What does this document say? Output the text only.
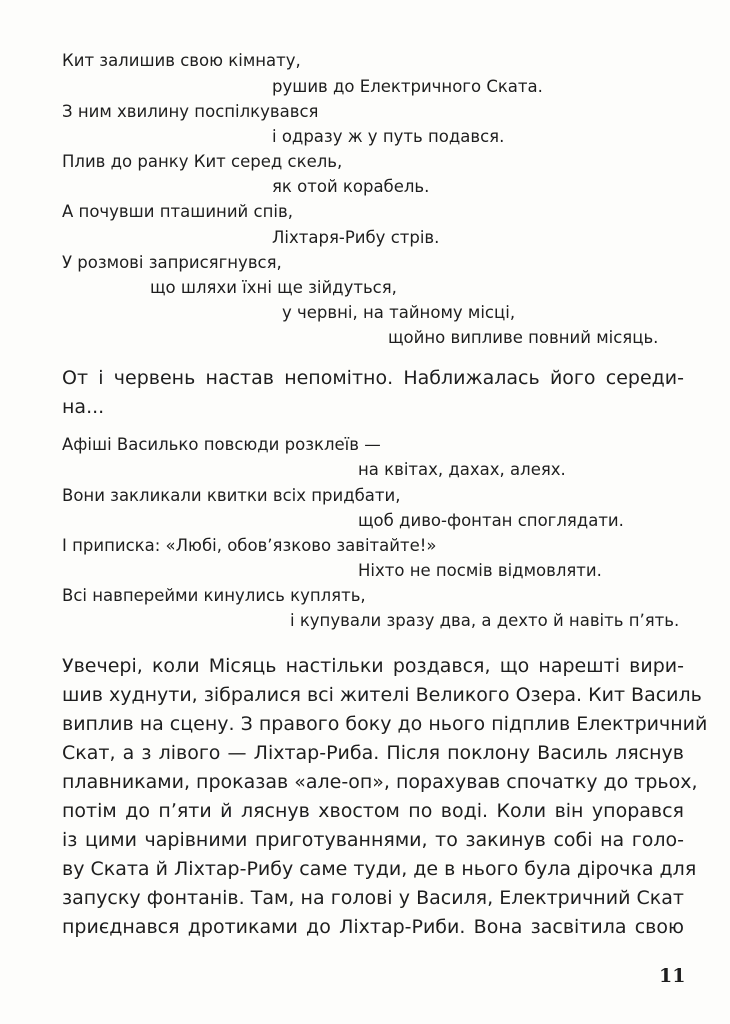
Кит залишив свою кімнату,
рушив до Електричного Ската.
З ним хвилину поспілкувався
і одразу ж у путь подався.
Плив до ранку Кит серед скель,
як отой корабель.
А почувши пташиний спів,
Ліхтаря-Рибу стрів.
У розмові заприсягнувся,
що шляхи їхні ще зійдуться,
у червні, на тайному місці,
щойно випливе повний місяць.
От і червень настав непомітно. Наближалась його середи-
на...
Афіші Василько повсюди розклеїв —
на квітах, дахах, алеях.
Вони закликали квитки всіх придбати,
щоб диво-фонтан споглядати.
І приписка: «Любі, обовʼязково завітайте!»
Ніхто не посмів відмовляти.
Всі навперейми кинулись куплять,
і купували зразу два, а дехто й навіть пʼять.
Увечері, коли Місяць настільки роздався, що нарешті вири-
шив худнути, зібралися всі жителі Великого Озера. Кит Василь
виплив на сцену. З правого боку до нього підплив Електричний
Скат, а з лівого — Ліхтар-Риба. Після поклону Василь ляснув
плавниками, проказав «але-оп», порахував спочатку до трьох,
потім до пʼяти й ляснув хвостом по воді. Коли він упорався
із цими чарівними приготуваннями, то закинув собі на голо-
ву Ската й Ліхтар-Рибу саме туди, де в нього була дірочка для
запуску фонтанів. Там, на голові у Василя, Електричний Скат
приєднався дротиками до Ліхтар-Риби. Вона засвітила свою
11
